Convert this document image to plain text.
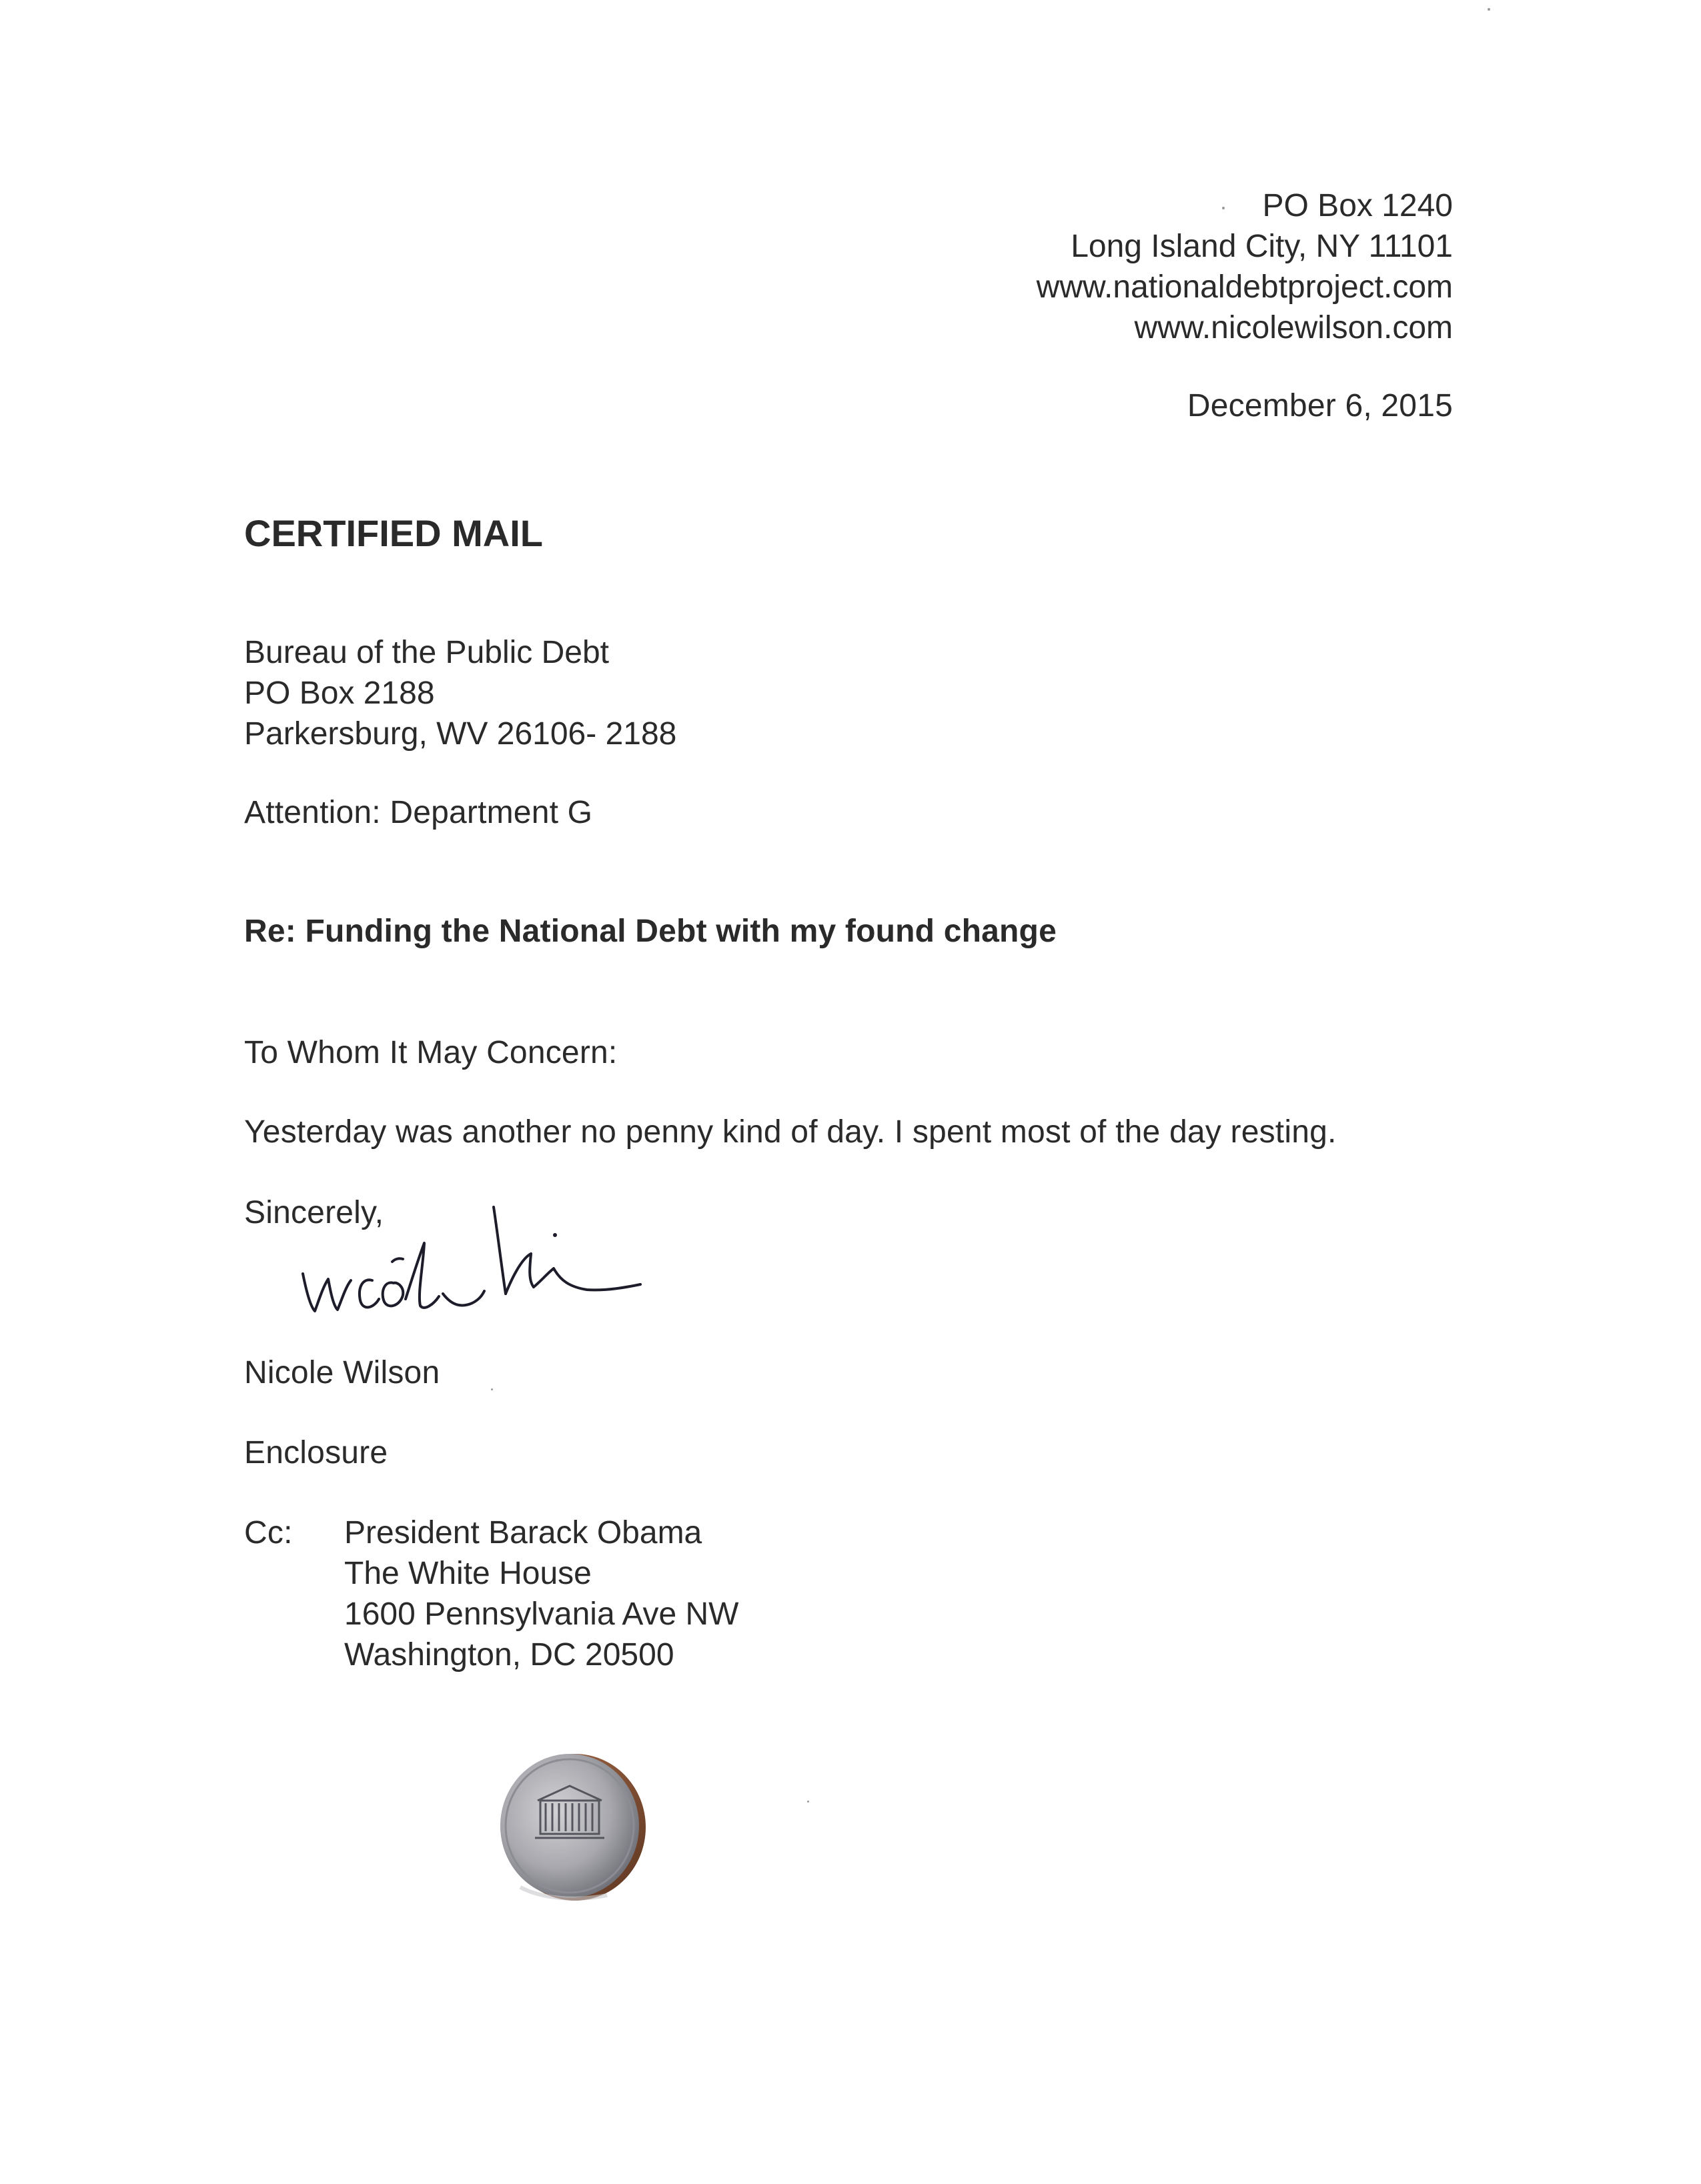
PO Box 1240
Long Island City, NY 11101
www.nationaldebtproject.com
www.nicolewilson.com
December 6, 2015
CERTIFIED MAIL
Bureau of the Public Debt
PO Box 2188
Parkersburg, WV 26106- 2188
Attention: Department G
Re: Funding the National Debt with my found change
To Whom It May Concern:
Yesterday was another no penny kind of day. I spent most of the day resting.
Sincerely,
Nicole Wilson
Enclosure
Cc: President Barack Obama
The White House
1600 Pennsylvania Ave NW
Washington, DC 20500
